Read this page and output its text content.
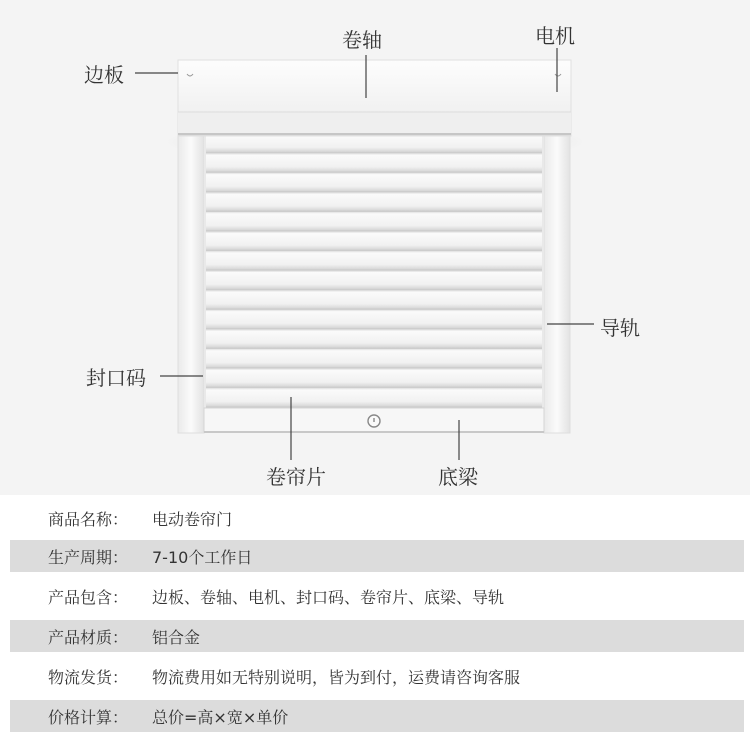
边板
卷轴	电机
导轨
封口码
卷帘片	底梁
商品名称：	电动卷帘门
生产周期：	7-10个工作日
产品包含：	边板、卷轴、电机、封口码、卷帘片、底梁、导轨
产品材质：	铝合金
物流发货：	物流费用如无特别说明，皆为到付，运费请咨询客服
价格计算：	总价=高×宽×单价
